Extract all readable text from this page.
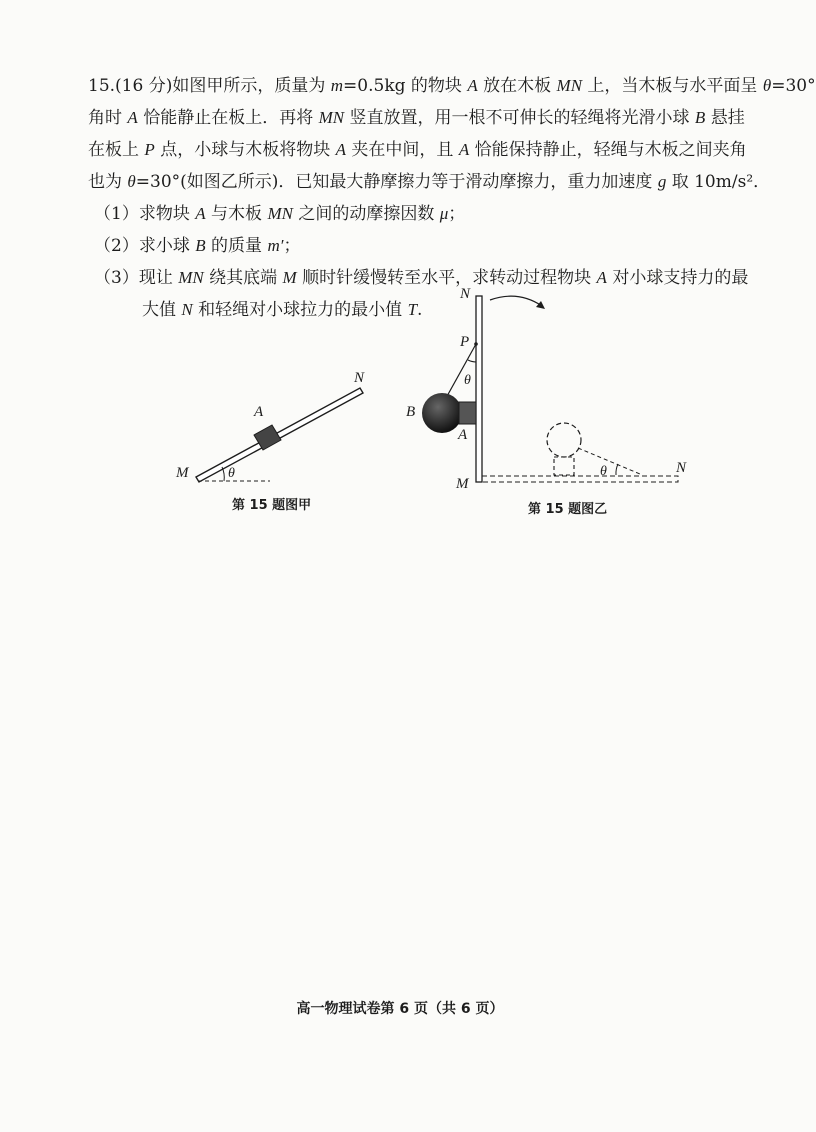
15.(16 分)如图甲所示，质量为 m=0.5kg 的物块 A 放在木板 MN 上，当木板与水平面呈 θ=30°
角时 A 恰能静止在板上．再将 MN 竖直放置，用一根不可伸长的轻绳将光滑小球 B 悬挂
在板上 P 点，小球与木板将物块 A 夹在中间，且 A 恰能保持静止，轻绳与木板之间夹角
也为 θ=30°(如图乙所示)．已知最大静摩擦力等于滑动摩擦力，重力加速度 g 取 10m/s²．
（1）求物块 A 与木板 MN 之间的动摩擦因数 μ；
（2）求小球 B 的质量 m′；
（3）现让 MN 绕其底端 M 顺时针缓慢转至水平，求转动过程物块 A 对小球支持力的最
大值 N 和轻绳对小球拉力的最小值 T.
M
N
A
θ
第 15 题图甲
N
P
θ
B
A
M
N
θ
第 15 题图乙
高一物理试卷第 6 页（共 6 页）
